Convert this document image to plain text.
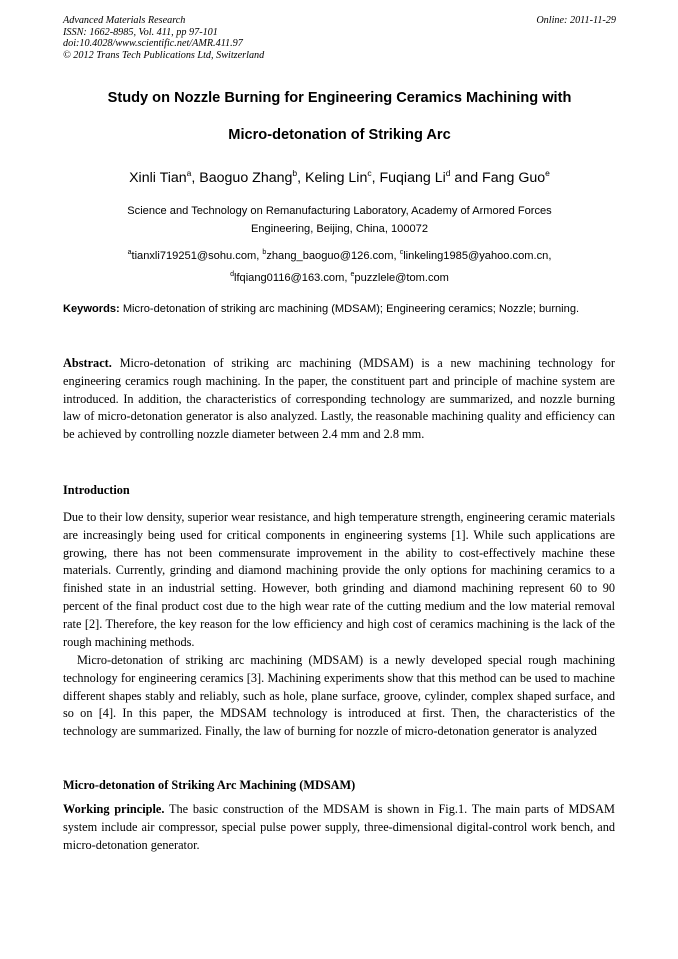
Advanced Materials Research
ISSN: 1662-8985, Vol. 411, pp 97-101
doi:10.4028/www.scientific.net/AMR.411.97
© 2012 Trans Tech Publications Ltd, Switzerland
Online: 2011-11-29
Study on Nozzle Burning for Engineering Ceramics Machining with
Micro-detonation of Striking Arc
Xinli Tian$^a$, Baoguo Zhang$^b$, Keling Lin$^c$, Fuqiang Li$^d$ and Fang Guo$^e$
Science and Technology on Remanufacturing Laboratory, Academy of Armored Forces
Engineering, Beijing, China, 100072
$^a$tianxli719251@sohu.com, $^b$zhang_baoguo@126.com, $^c$linkeling1985@yahoo.com.cn,
$^d$lfqiang0116@163.com, $^e$puzzlele@tom.com
Keywords: Micro-detonation of striking arc machining (MDSAM); Engineering ceramics; Nozzle; burning.
Abstract. Micro-detonation of striking arc machining (MDSAM) is a new machining technology for engineering ceramics rough machining. In the paper, the constituent part and principle of machine system are introduced. In addition, the characteristics of corresponding technology are summarized, and nozzle burning law of micro-detonation generator is also analyzed. Lastly, the reasonable machining quality and efficiency can be achieved by controlling nozzle diameter between 2.4 mm and 2.8 mm.
Introduction
Due to their low density, superior wear resistance, and high temperature strength, engineering ceramic materials are increasingly being used for critical components in engineering systems [1]. While such applications are growing, there has not been commensurate improvement in the ability to cost-effectively machine these materials. Currently, grinding and diamond machining provide the only options for machining ceramics to a finished state in an industrial setting. However, both grinding and diamond machining represent 60 to 90 percent of the final product cost due to the high wear rate of the cutting medium and the low material removal rate [2]. Therefore, the key reason for the low efficiency and high cost of ceramics machining is the lack of the rough machining methods.
Micro-detonation of striking arc machining (MDSAM) is a newly developed special rough machining technology for engineering ceramics [3]. Machining experiments show that this method can be used to machine different shapes stably and reliably, such as hole, plane surface, groove, cylinder, complex shaped surface, and so on [4]. In this paper, the MDSAM technology is introduced at first. Then, the characteristics of the technology are summarized. Finally, the law of burning for nozzle of micro-detonation generator is analyzed
Micro-detonation of Striking Arc Machining (MDSAM)
Working principle. The basic construction of the MDSAM is shown in Fig.1. The main parts of MDSAM system include air compressor, special pulse power supply, three-dimensional digital-control work bench, and micro-detonation generator.
